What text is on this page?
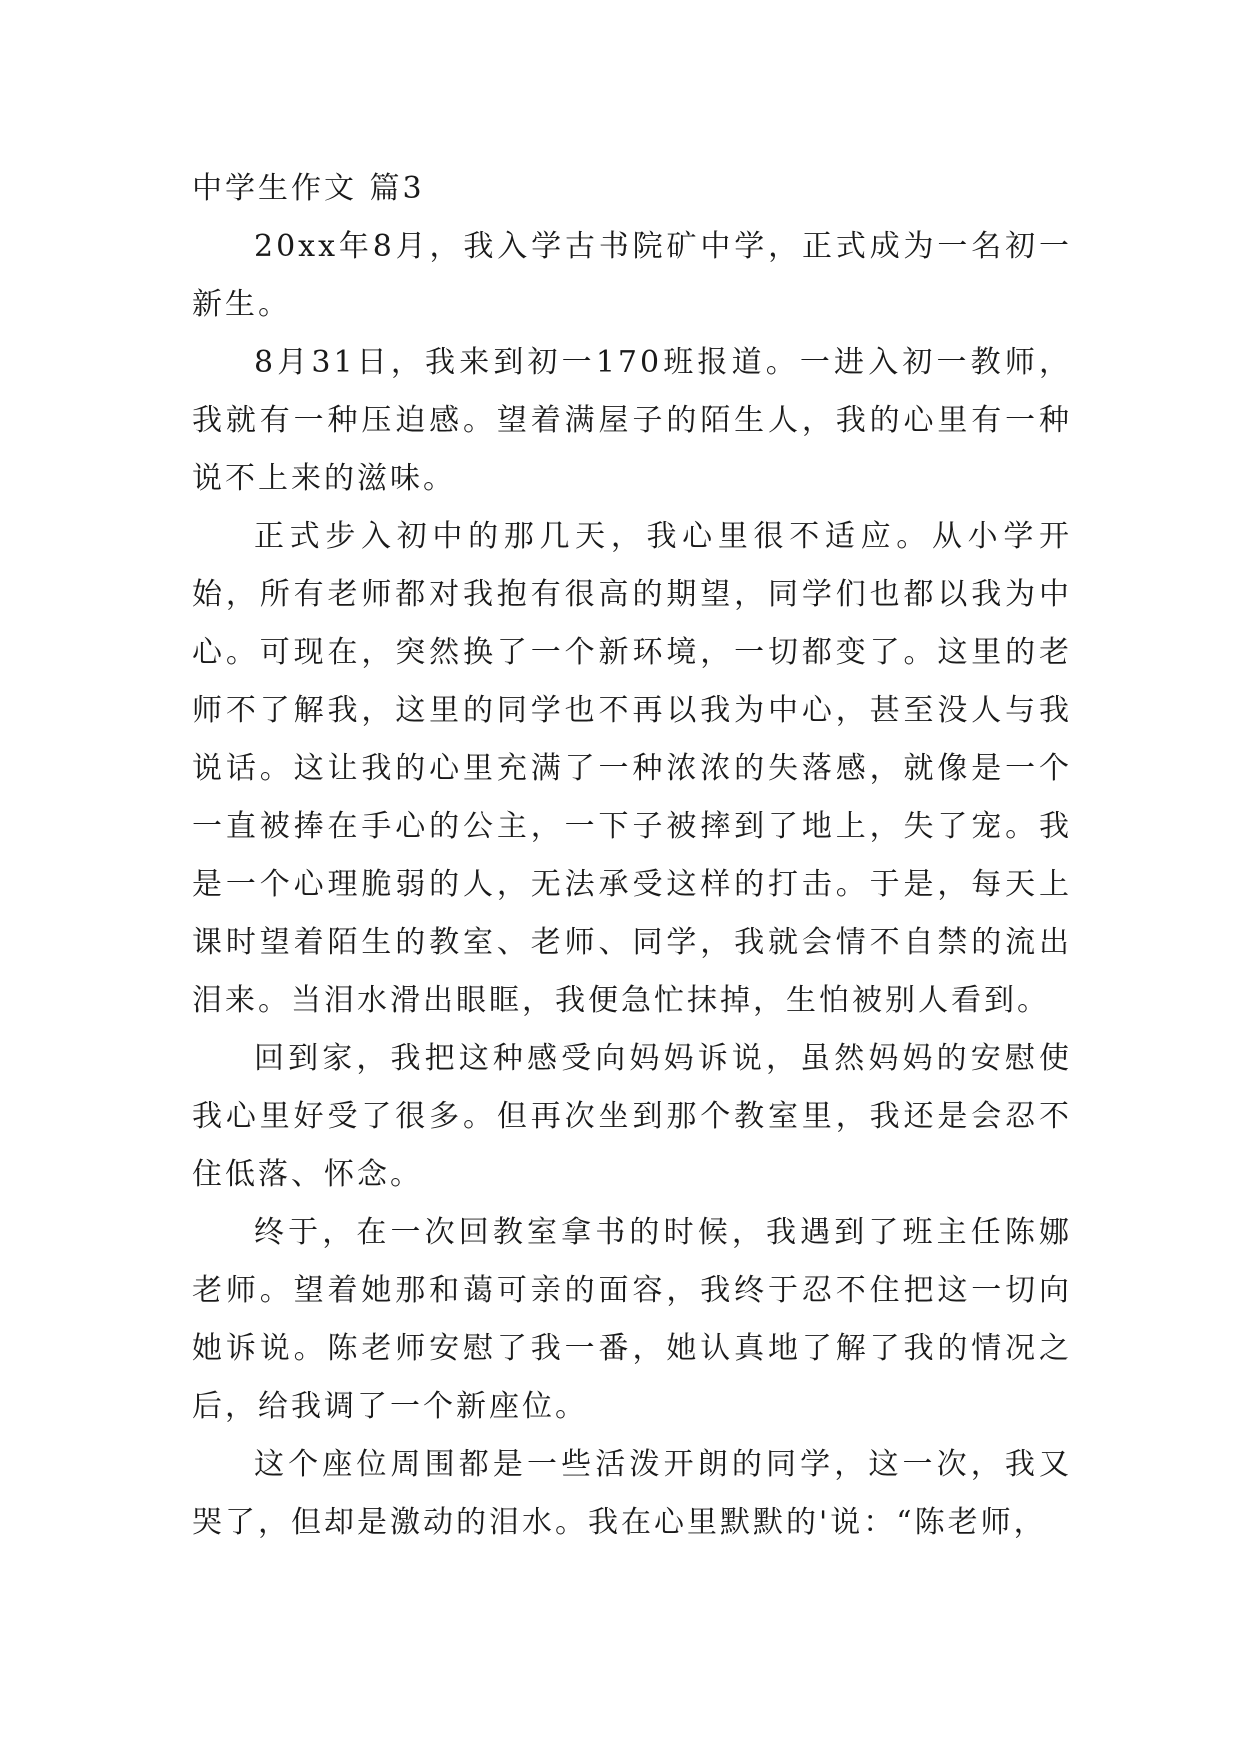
中学生作文 篇3

20xx年8月，我入学古书院矿中学，正式成为一名初一新生。

8月31日，我来到初一170班报道。一进入初一教师，我就有一种压迫感。望着满屋子的陌生人，我的心里有一种说不上来的滋味。

正式步入初中的那几天，我心里很不适应。从小学开始，所有老师都对我抱有很高的期望，同学们也都以我为中心。可现在，突然换了一个新环境，一切都变了。这里的老师不了解我，这里的同学也不再以我为中心，甚至没人与我说话。这让我的心里充满了一种浓浓的失落感，就像是一个一直被捧在手心的公主，一下子被摔到了地上，失了宠。我是一个心理脆弱的人，无法承受这样的打击。于是，每天上课时望着陌生的教室、老师、同学，我就会情不自禁的流出泪来。当泪水滑出眼眶，我便急忙抹掉，生怕被别人看到。

回到家，我把这种感受向妈妈诉说，虽然妈妈的安慰使我心里好受了很多。但再次坐到那个教室里，我还是会忍不住低落、怀念。

终于，在一次回教室拿书的时候，我遇到了班主任陈娜老师。望着她那和蔼可亲的面容，我终于忍不住把这一切向她诉说。陈老师安慰了我一番，她认真地了解了我的情况之后，给我调了一个新座位。

这个座位周围都是一些活泼开朗的同学，这一次，我又哭了，但却是激动的泪水。我在心里默默的'说：“陈老师，
